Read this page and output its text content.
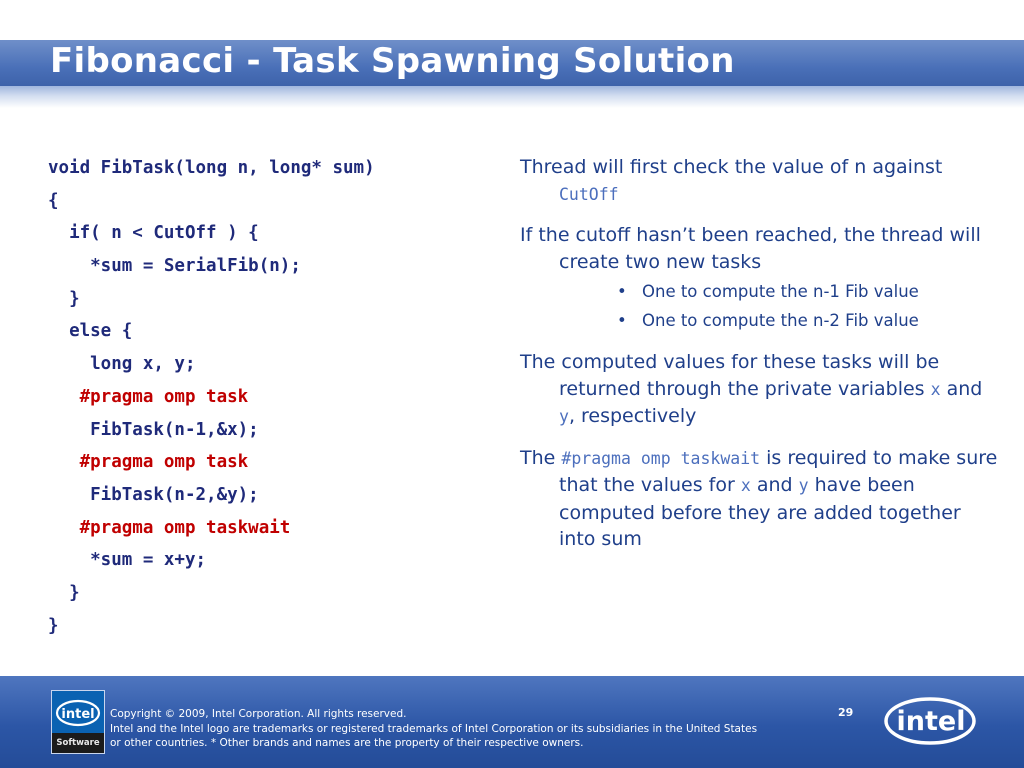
Fibonacci - Task Spawning Solution
void FibTask(long n, long* sum)
{
if( n < CutOff ) {
*sum = SerialFib(n);
}
else {
long x, y;
#pragma omp task
FibTask(n-1,&x);
#pragma omp task
FibTask(n-2,&y);
#pragma omp taskwait
*sum = x+y;
}
}
Thread will first check the value of n against CutOff
If the cutoff hasn’t been reached, the thread will create two new tasks
• One to compute the n-1 Fib value
• One to compute the n-2 Fib value
The computed values for these tasks will be returned through the private variables x and y, respectively
The #pragma omp taskwait is required to make sure that the values for x and y have been computed before they are added together into sum
intel
Software
Copyright © 2009, Intel Corporation. All rights reserved.
Intel and the Intel logo are trademarks or registered trademarks of Intel Corporation or its subsidiaries in the United States
or other countries. * Other brands and names are the property of their respective owners.
29 intel
